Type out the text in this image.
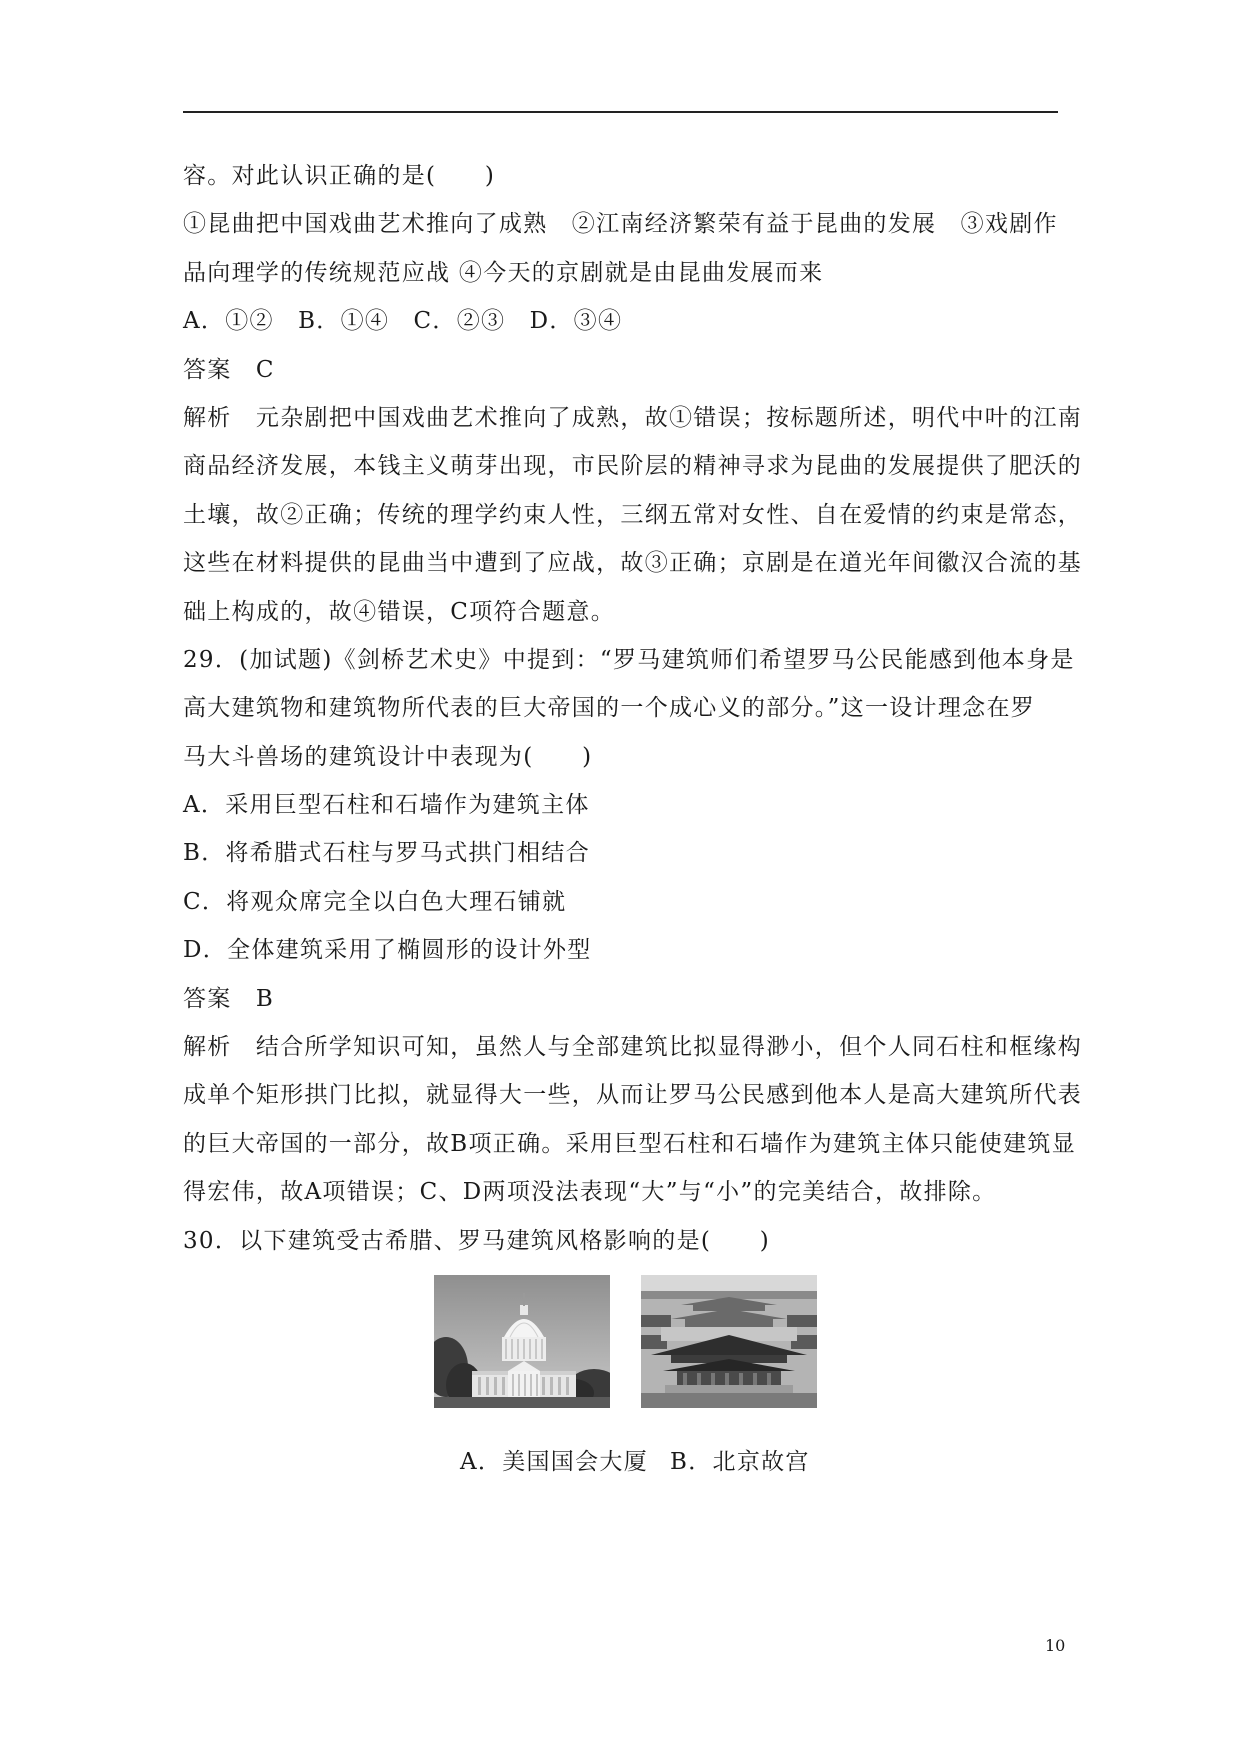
容。对此认识正确的是(　　)
①昆曲把中国戏曲艺术推向了成熟　②江南经济繁荣有益于昆曲的发展　③戏剧作
品向理学的传统规范应战 ④今天的京剧就是由昆曲发展而来
A．①②　B．①④　C．②③　D．③④
答案　C
解析　元杂剧把中国戏曲艺术推向了成熟，故①错误；按标题所述，明代中叶的江南
商品经济发展，本钱主义萌芽出现，市民阶层的精神寻求为昆曲的发展提供了肥沃的
土壤，故②正确；传统的理学约束人性，三纲五常对女性、自在爱情的约束是常态，
这些在材料提供的昆曲当中遭到了应战，故③正确；京剧是在道光年间徽汉合流的基
础上构成的，故④错误，C项符合题意。
29．(加试题)《剑桥艺术史》中提到：“罗马建筑师们希望罗马公民能感到他本身是
高大建筑物和建筑物所代表的巨大帝国的一个成心义的部分。”这一设计理念在罗
马大斗兽场的建筑设计中表现为(　　)
A．采用巨型石柱和石墙作为建筑主体
B．将希腊式石柱与罗马式拱门相结合
C．将观众席完全以白色大理石铺就
D．全体建筑采用了椭圆形的设计外型
答案　B
解析　结合所学知识可知，虽然人与全部建筑比拟显得渺小，但个人同石柱和框缘构
成单个矩形拱门比拟，就显得大一些，从而让罗马公民感到他本人是高大建筑所代表
的巨大帝国的一部分，故B项正确。采用巨型石柱和石墙作为建筑主体只能使建筑显
得宏伟，故A项错误；C、D两项没法表现“大”与“小”的完美结合，故排除。
30．以下建筑受古希腊、罗马建筑风格影响的是(　　)
A．美国国会大厦 B．北京故宫
10
